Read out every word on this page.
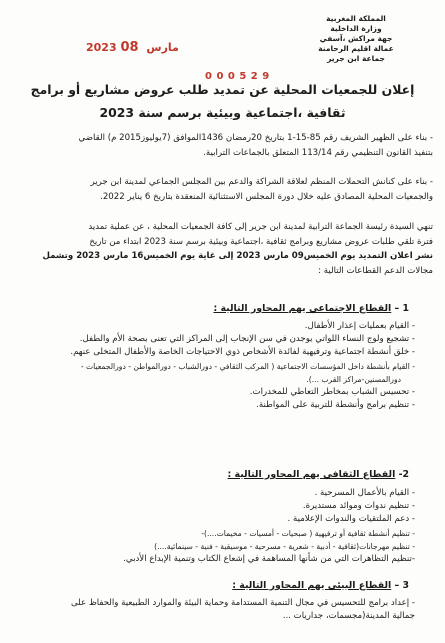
المملكة المغربية
وزارة الداخلية
جهة مراكش ،آسفي
عمالة اقليم الرحامنة
جماعة ابن جرير
2023	مارس 08
0 0 0 5 2 9
إعلان للجمعيات المحلية عن تمديد طلب عروض مشاريع أو برامج
ثقافية ،اجتماعية وبيئية برسم سنة 2023
- بناء على الظهير الشريف رقم 85-15-1 بتاريخ 20رمضان 1436الموافق (7يوليوز2015 م) القاضي
بتنفيذ القانون التنظيمي رقم 113/14 المتعلق بالجماعات الترابية.
- بناء على كنانش التحملات المنظم لعلاقة الشراكة والدعم بين المجلس الجماعي لمدينة ابن جرير
والجمعيات المحلية المصادق عليه خلال دورة المجلس الاستثنائية المنعقدة بتاريخ 6 يناير 2022.
تنهي السيدة رئيسة الجماعة الترابية لمدينة ابن جرير إلى كافة الجمعيات المحلية ، عن عملية تمديد
فترة تلقي طلبات عروض مشاريع وبرامج ثقافية ،اجتماعية وبيئية برسم سنة 2023 ابتداء من تاريخ
نشر اعلان التمديد يوم الخميس09 مارس 2023 إلى غاية يوم الخميس16 مارس 2023 وتشمل
مجالات الدعم القطاعات التالية :
1 – القطاع الاجتماعي يهم المحاور التالية :
- القيام بعمليات إعذار الأطفال.
- تشجيع ولوج النساء اللواتي يوجدن في سن الإنجاب إلى المراكز التي تعنى بصحة الأم والطفل.
- خلق أنشطة اجتماعية وترفيهية لفائدة الأشخاص ذوي الاحتياجات الخاصة والأطفال المتخلى عنهم.
- القيام بأنشطة داخل المؤسسات الاجتماعية ( المركب الثقافي - دورالشباب - دورالمواطن - دورالجمعيات -
دورالمسنين-مراكز القرب ...).
- تحسيس الشباب بمخاطر التعاطي للمخدرات.
- تنظيم برامج وأنشطة للتربية على المواطنة.
2- القطاع الثقافي يهم المحاور التالية :
- القيام بالأعمال المسرحية .
- تنظيم ندوات وموائد مستديرة.
- دعم الملتقيات والندوات الإعلامية .
- تنظيم أنشطة ثقافية أو ترفيهية ( صبحيات - أمسيات - مخيمات....)-
- تنظيم مهرجانات(ثقافية - أدبية - شعرية - مسرحية - موسيقية - فنية - سينمائية....)
-تنظيم التظاهرات التي من شأنها المساهمة في إشعاع الكتاب وتنمية الإبداع الأدبي.
3 – القطاع البيئي يهم المحاور التالية :
- إعداد برامج للتحسيس في مجال التنمية المستدامة وحماية البيئة والموارد الطبيعية والحفاظ على
جمالية المدينة(مجسمات، جداريات ...
